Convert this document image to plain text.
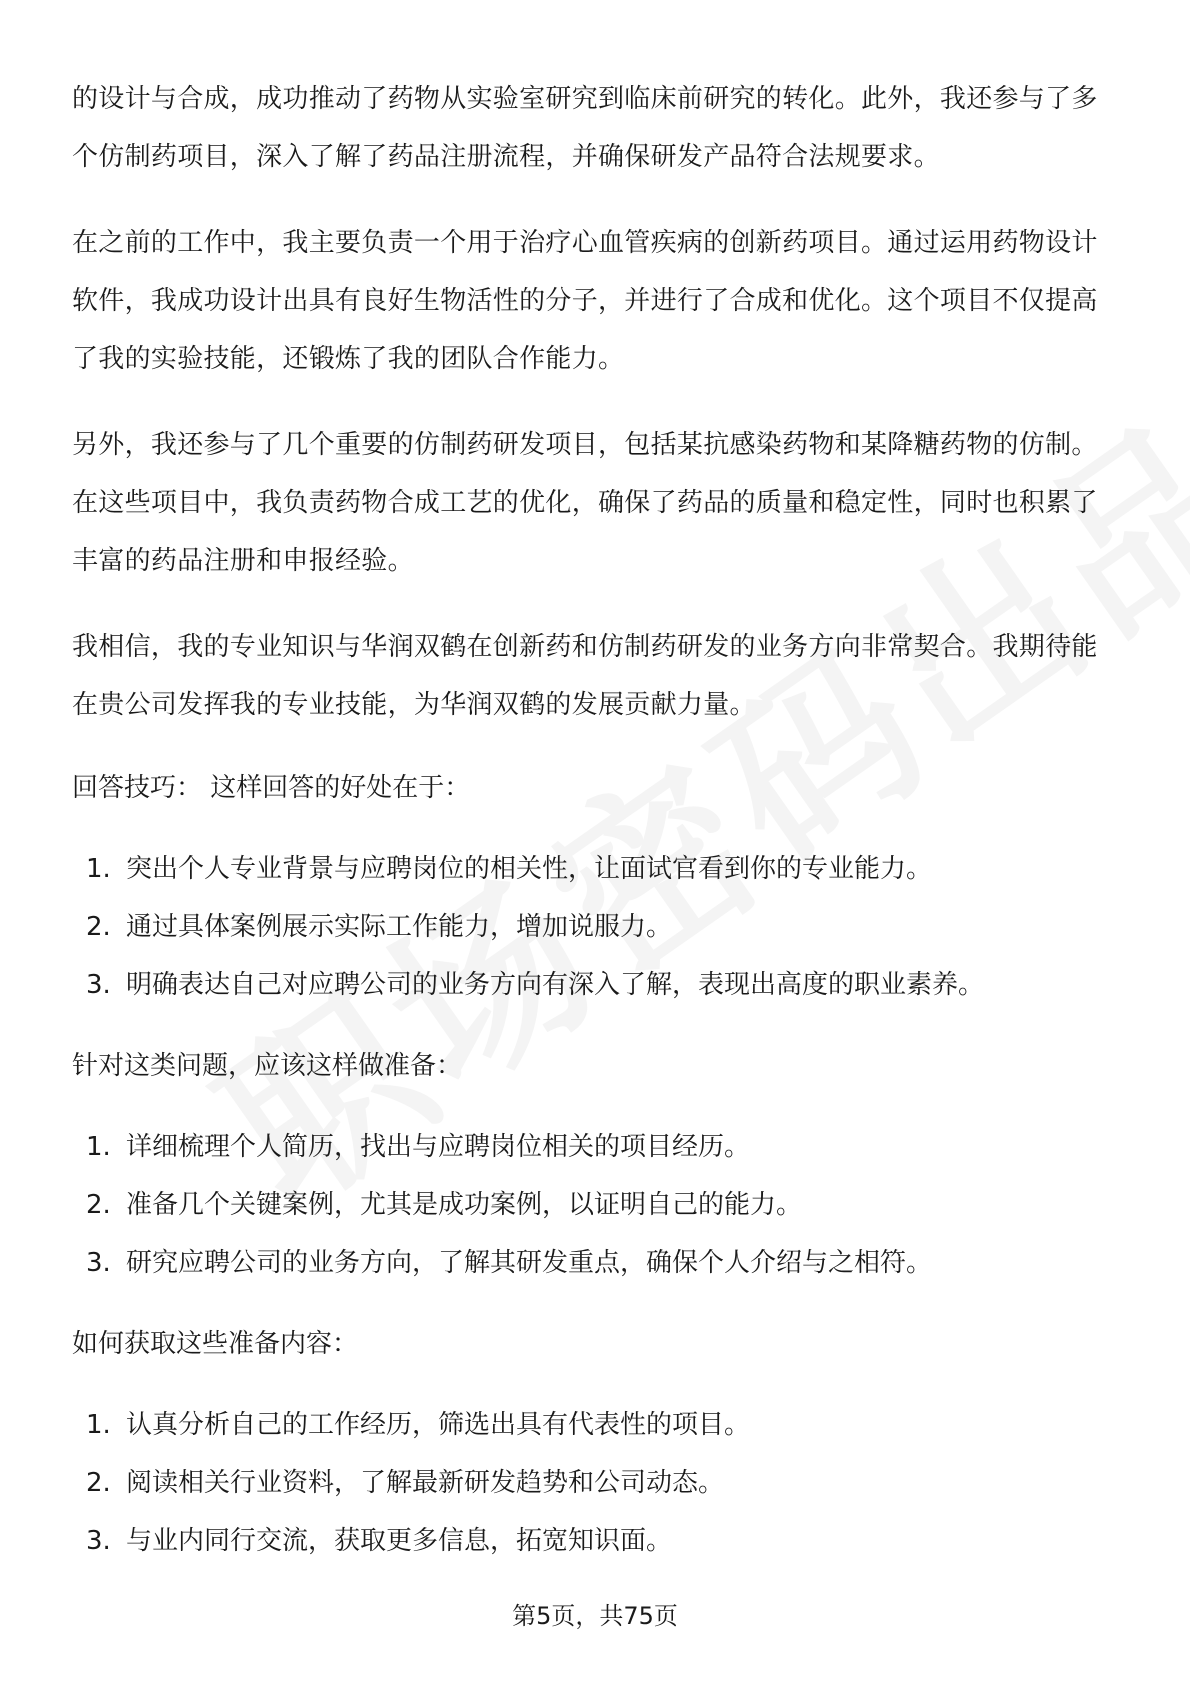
的设计与合成，成功推动了药物从实验室研究到临床前研究的转化。此外，我还参与了多个仿制药项目，深入了解了药品注册流程，并确保研发产品符合法规要求。

在之前的工作中，我主要负责一个用于治疗心血管疾病的创新药项目。通过运用药物设计软件，我成功设计出具有良好生物活性的分子，并进行了合成和优化。这个项目不仅提高了我的实验技能，还锻炼了我的团队合作能力。

另外，我还参与了几个重要的仿制药研发项目，包括某抗感染药物和某降糖药物的仿制。在这些项目中，我负责药物合成工艺的优化，确保了药品的质量和稳定性，同时也积累了丰富的药品注册和申报经验。

我相信，我的专业知识与华润双鹤在创新药和仿制药研发的业务方向非常契合。我期待能在贵公司发挥我的专业技能，为华润双鹤的发展贡献力量。

回答技巧： 这样回答的好处在于：

1. 突出个人专业背景与应聘岗位的相关性，让面试官看到你的专业能力。
2. 通过具体案例展示实际工作能力，增加说服力。
3. 明确表达自己对应聘公司的业务方向有深入了解，表现出高度的职业素养。

针对这类问题，应该这样做准备：

1. 详细梳理个人简历，找出与应聘岗位相关的项目经历。
2. 准备几个关键案例，尤其是成功案例，以证明自己的能力。
3. 研究应聘公司的业务方向，了解其研发重点，确保个人介绍与之相符。

如何获取这些准备内容：

1. 认真分析自己的工作经历，筛选出具有代表性的项目。
2. 阅读相关行业资料，了解最新研发趋势和公司动态。
3. 与业内同行交流，获取更多信息，拓宽知识面。
第5页，共75页
